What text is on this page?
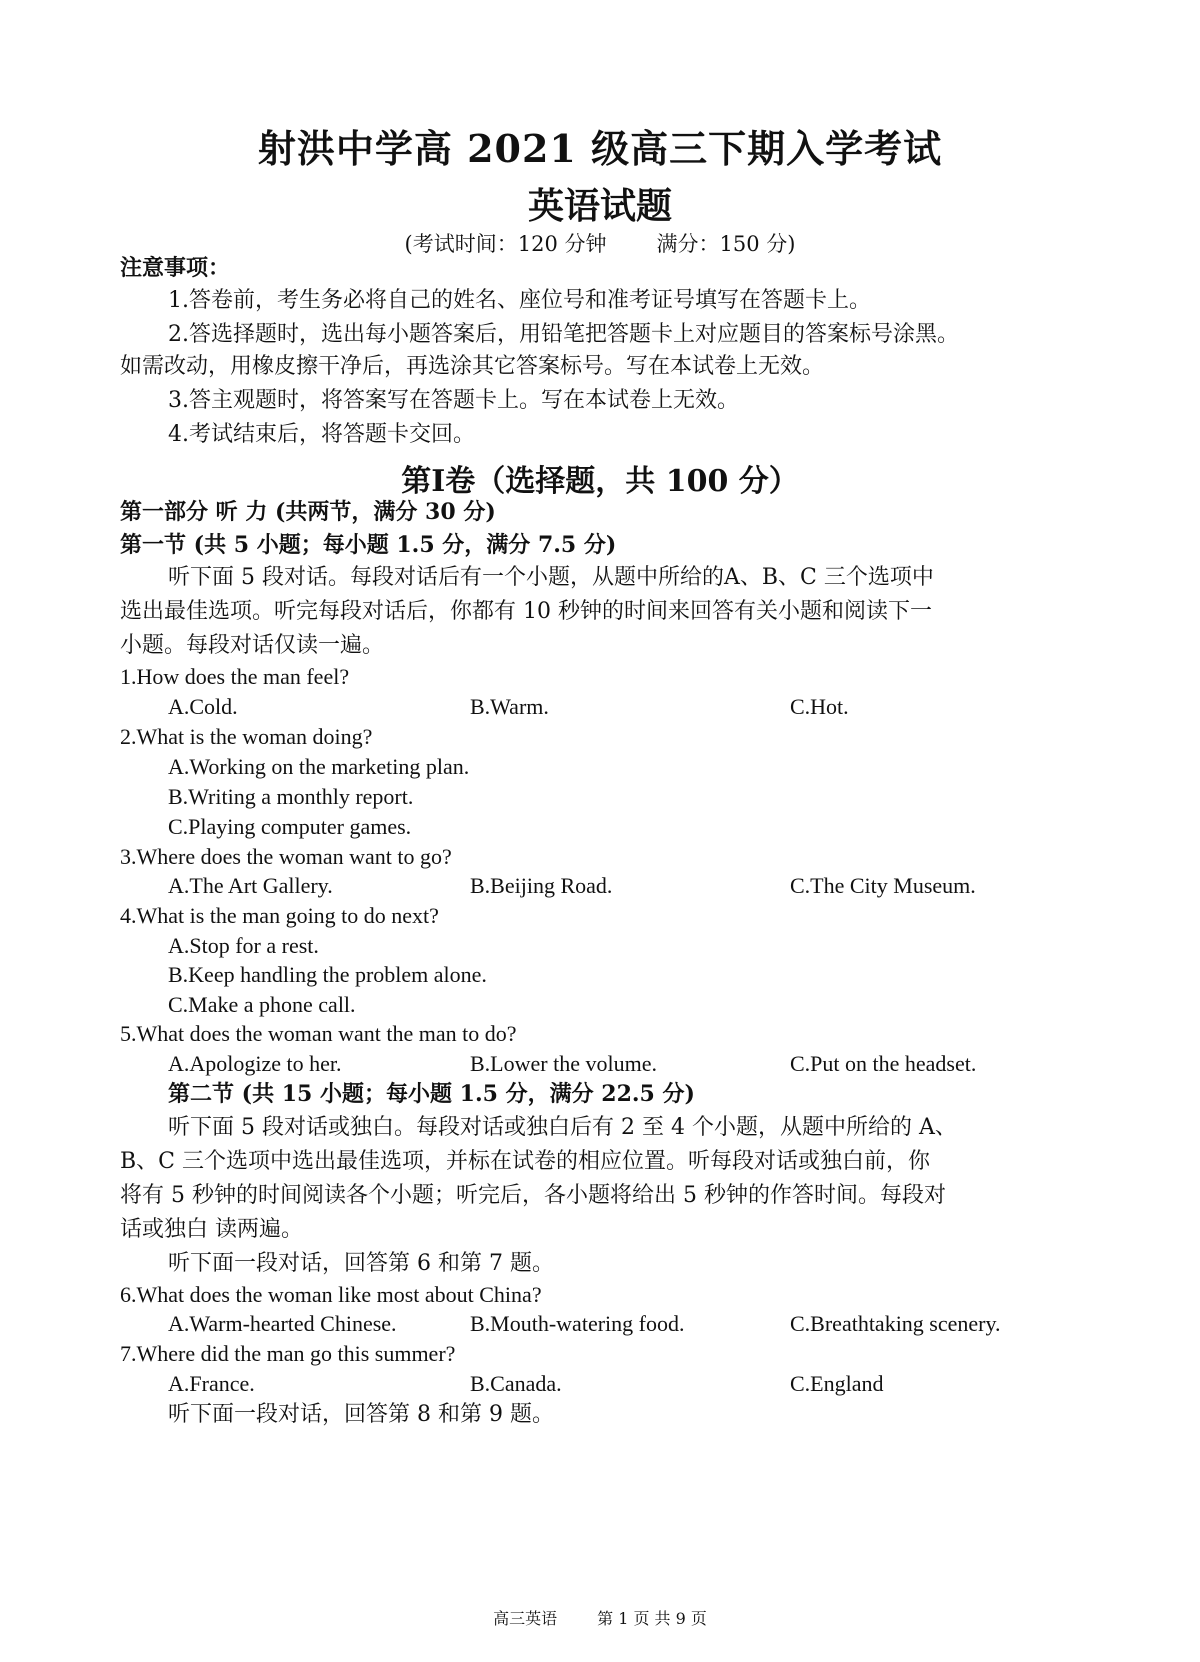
射洪中学高 2021 级高三下期入学考试
英语试题
(考试时间：120 分钟 满分：150 分)
注意事项：
1.答卷前，考生务必将自己的姓名、座位号和准考证号填写在答题卡上。
2.答选择题时，选出每小题答案后，用铅笔把答题卡上对应题目的答案标号涂黑。
如需改动，用橡皮擦干净后，再选涂其它答案标号。写在本试卷上无效。
3.答主观题时，将答案写在答题卡上。写在本试卷上无效。
4.考试结束后，将答题卡交回。
第I卷（选择题，共 100 分）
第一部分 听 力 (共两节，满分 30 分)
第一节 (共 5 小题；每小题 1.5 分，满分 7.5 分)
听下面 5 段对话。每段对话后有一个小题，从题中所给的A、B、C 三个选项中
选出最佳选项。听完每段对话后，你都有 10 秒钟的时间来回答有关小题和阅读下一
小题。每段对话仅读一遍。
1.How does the man feel?
A.Cold.	B.Warm.	C.Hot.
2.What is the woman doing?
A.Working on the marketing plan.
B.Writing a monthly report.
C.Playing computer games.
3.Where does the woman want to go?
A.The Art Gallery.	B.Beijing Road.	C.The City Museum.
4.What is the man going to do next?
A.Stop for a rest.
B.Keep handling the problem alone.
C.Make a phone call.
5.What does the woman want the man to do?
A.Apologize to her.	B.Lower the volume.	C.Put on the headset.
第二节 (共 15 小题；每小题 1.5 分，满分 22.5 分)
听下面 5 段对话或独白。每段对话或独白后有 2 至 4 个小题，从题中所给的 A、
B、C 三个选项中选出最佳选项，并标在试卷的相应位置。听每段对话或独白前，你
将有 5 秒钟的时间阅读各个小题；听完后，各小题将给出 5 秒钟的作答时间。每段对
话或独白 读两遍。
听下面一段对话，回答第 6 和第 7 题。
6.What does the woman like most about China?
A.Warm-hearted Chinese.	B.Mouth-watering food.	C.Breathtaking scenery.
7.Where did the man go this summer?
A.France.	B.Canada.	C.England
听下面一段对话，回答第 8 和第 9 题。
高三英语	第 1 页 共 9 页
